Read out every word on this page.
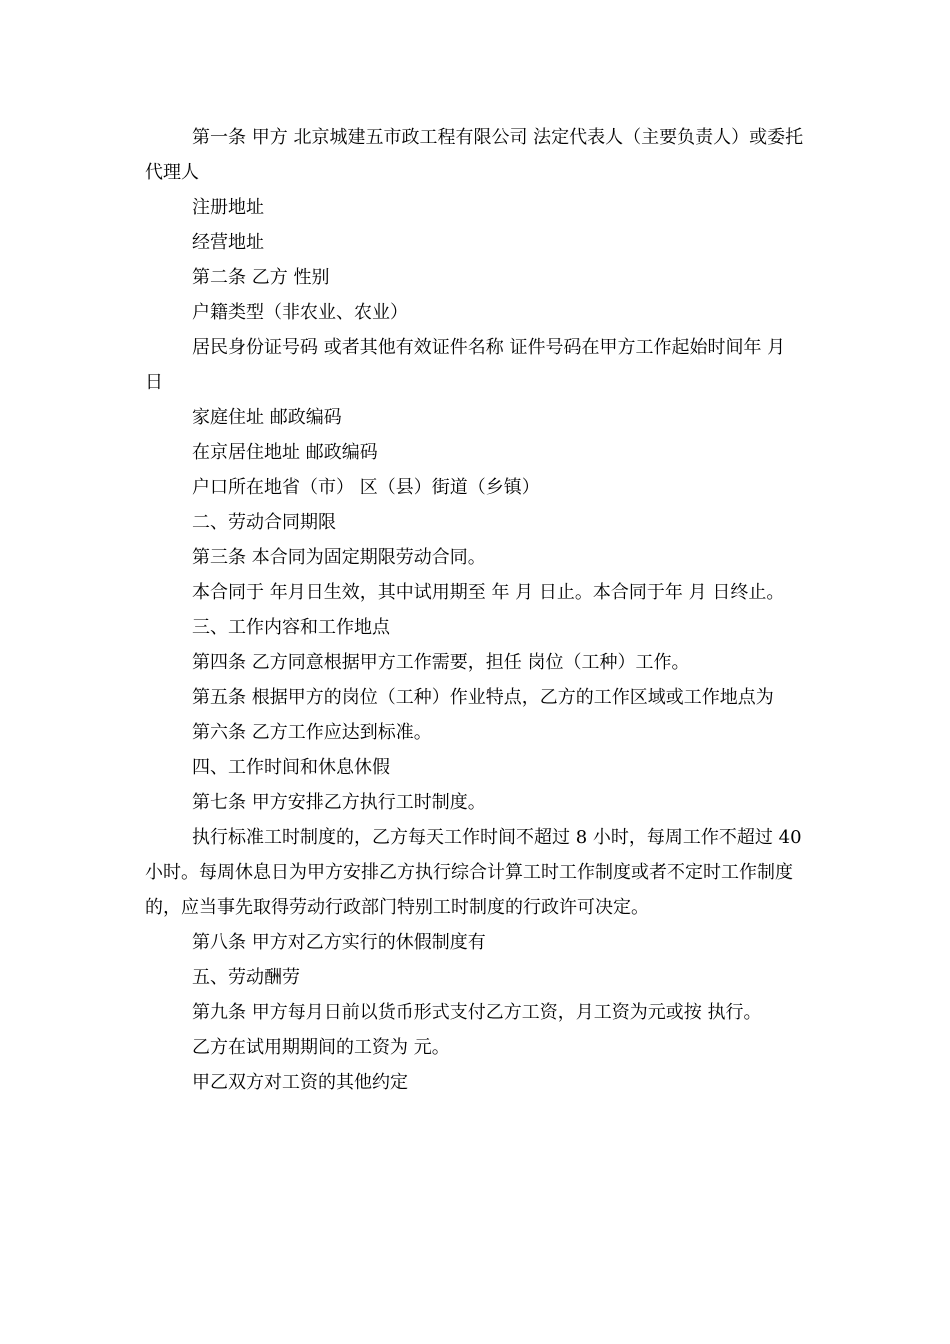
第一条 甲方 北京城建五市政工程有限公司 法定代表人（主要负责人）或委托代理人

注册地址

经营地址

第二条 乙方 性别

户籍类型（非农业、农业）

居民身份证号码 或者其他有效证件名称 证件号码在甲方工作起始时间年 月 日

家庭住址 邮政编码

在京居住地址 邮政编码

户口所在地省（市） 区（县）街道（乡镇）

二、劳动合同期限

第三条 本合同为固定期限劳动合同。

本合同于 年月日生效，其中试用期至 年 月 日止。本合同于年 月 日终止。

三、工作内容和工作地点

第四条 乙方同意根据甲方工作需要，担任 岗位（工种）工作。

第五条 根据甲方的岗位（工种）作业特点，乙方的工作区域或工作地点为

第六条 乙方工作应达到标准。

四、工作时间和休息休假

第七条 甲方安排乙方执行工时制度。

执行标准工时制度的，乙方每天工作时间不超过 8 小时，每周工作不超过 40 小时。每周休息日为甲方安排乙方执行综合计算工时工作制度或者不定时工作制度的，应当事先取得劳动行政部门特别工时制度的行政许可决定。

第八条 甲方对乙方实行的休假制度有

五、劳动酬劳

第九条 甲方每月日前以货币形式支付乙方工资，月工资为元或按 执行。

乙方在试用期期间的工资为 元。

甲乙双方对工资的其他约定
